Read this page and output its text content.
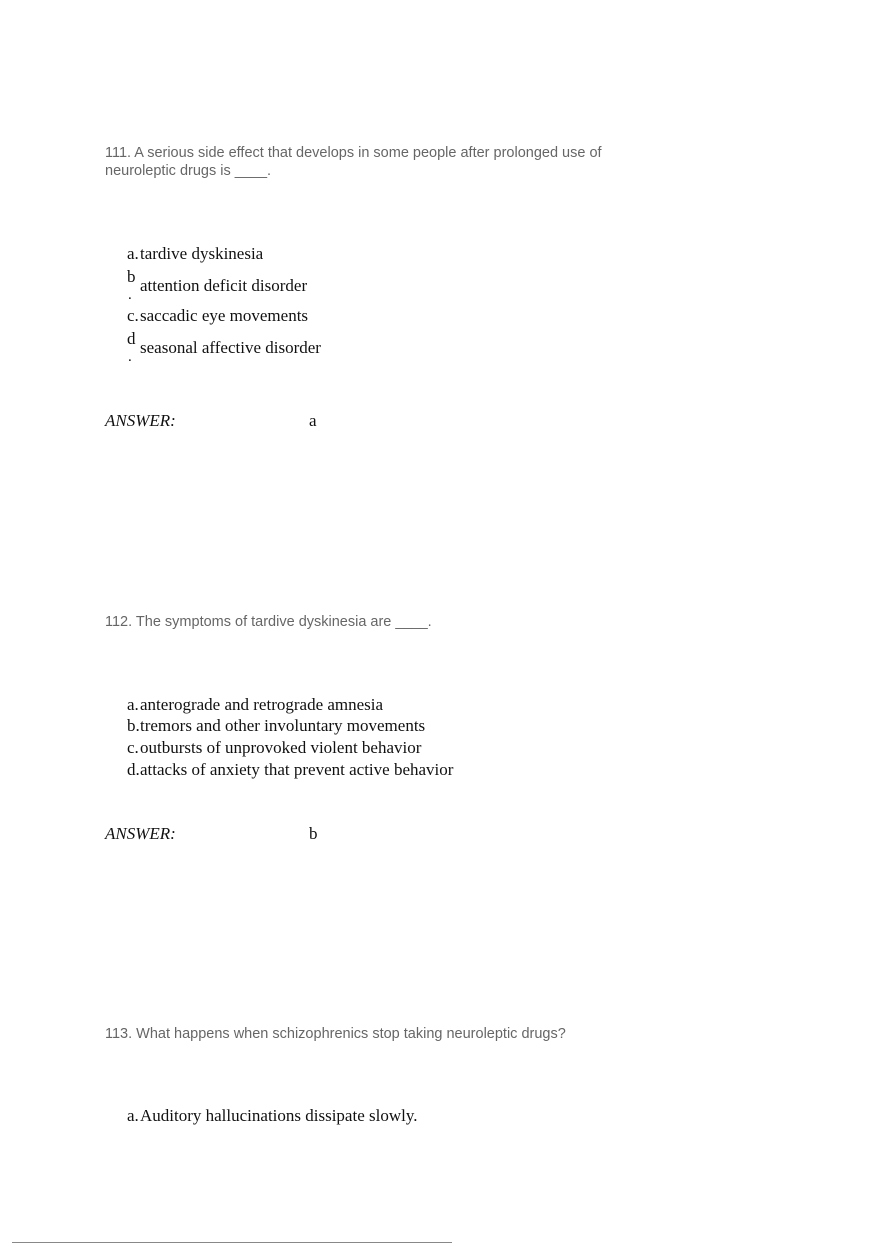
111. A serious side effect that develops in some people after prolonged use of neuroleptic drugs is ____.

a.tardive dyskinesia
b
. attention deficit disorder
c.saccadic eye movements
d
. seasonal affective disorder
ANSWER:	a

112. The symptoms of tardive dyskinesia are ____.

a.anterograde and retrograde amnesia
b.tremors and other involuntary movements
c.outbursts of unprovoked violent behavior
d.attacks of anxiety that prevent active behavior
ANSWER:	b

113. What happens when schizophrenics stop taking neuroleptic drugs?

a.Auditory hallucinations dissipate slowly.
